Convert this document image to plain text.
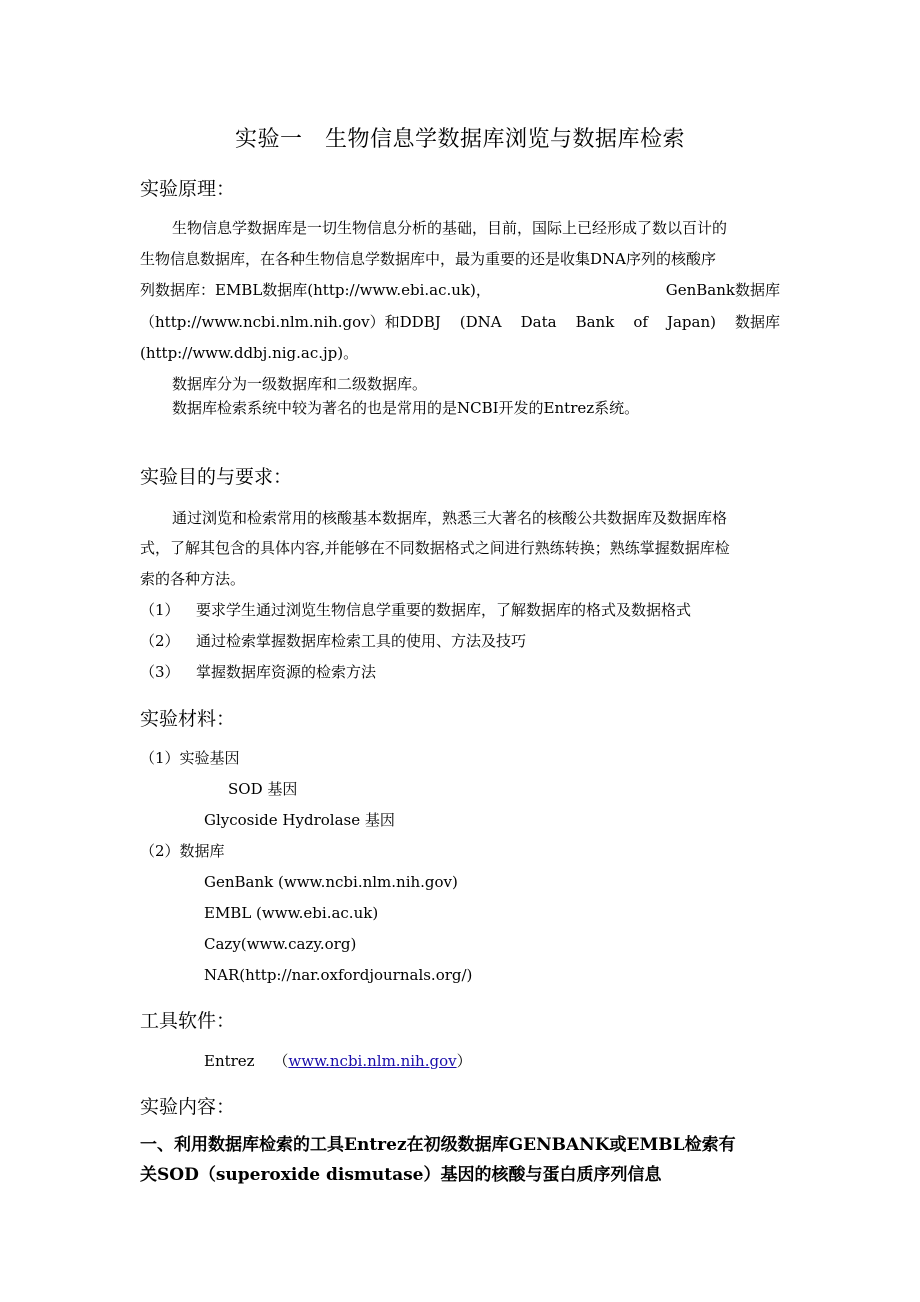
实验一　生物信息学数据库浏览与数据库检索
实验原理：
生物信息学数据库是一切生物信息分析的基础，目前，国际上已经形成了数以百计的
生物信息数据库，在各种生物信息学数据库中，最为重要的还是收集DNA序列的核酸序
列数据库：EMBL数据库(http://www.ebi.ac.uk)，	GenBank数据库
（http://www.ncbi.nlm.nih.gov）和DDBJ (DNA Data Bank of Japan) 数据库
(http://www.ddbj.nig.ac.jp)。
数据库分为一级数据库和二级数据库。
数据库检索系统中较为著名的也是常用的是NCBI开发的Entrez系统。
实验目的与要求：
通过浏览和检索常用的核酸基本数据库，熟悉三大著名的核酸公共数据库及数据库格
式，了解其包含的具体内容,并能够在不同数据格式之间进行熟练转换；熟练掌握数据库检
索的各种方法。
（1） 要求学生通过浏览生物信息学重要的数据库，了解数据库的格式及数据格式
（2） 通过检索掌握数据库检索工具的使用、方法及技巧
（3） 掌握数据库资源的检索方法
实验材料：
（1）实验基因
SOD 基因
Glycoside Hydrolase 基因
（2）数据库
GenBank (www.ncbi.nlm.nih.gov)
EMBL (www.ebi.ac.uk)
Cazy(www.cazy.org)
NAR(http://nar.oxfordjournals.org/)
工具软件：
Entrez （www.ncbi.nlm.nih.gov）
实验内容：
一、利用数据库检索的工具Entrez在初级数据库GENBANK或EMBL检索有
关SOD（superoxide dismutase）基因的核酸与蛋白质序列信息
